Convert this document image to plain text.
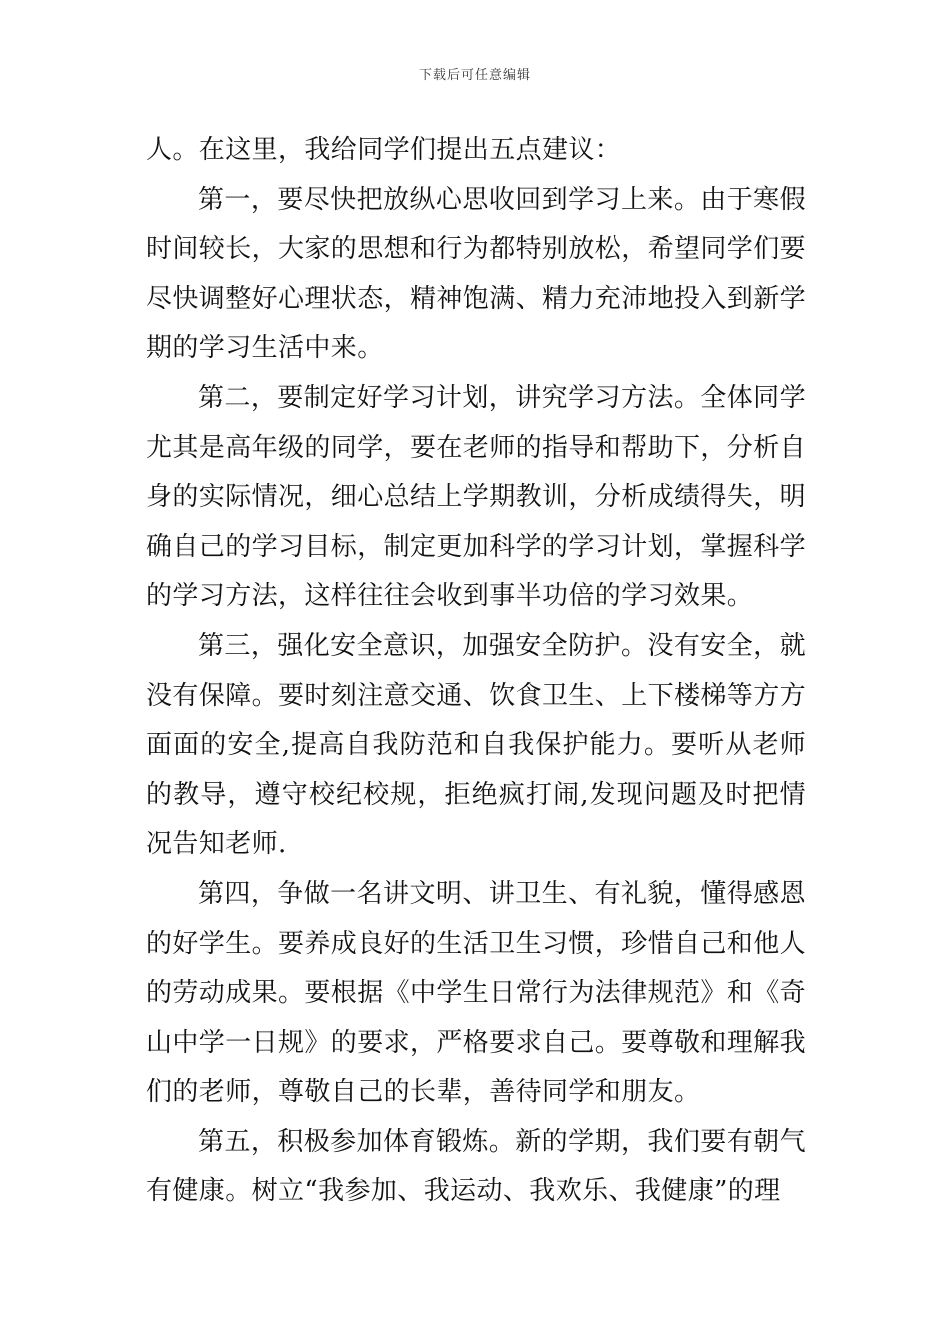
下载后可任意编辑

人。在这里，我给同学们提出五点建议：

第一，要尽快把放纵心思收回到学习上来。由于寒假时间较长，大家的思想和行为都特别放松，希望同学们要尽快调整好心理状态，精神饱满、精力充沛地投入到新学期的学习生活中来。

第二，要制定好学习计划，讲究学习方法。全体同学尤其是高年级的同学，要在老师的指导和帮助下，分析自身的实际情况，细心总结上学期教训，分析成绩得失，明确自己的学习目标，制定更加科学的学习计划，掌握科学的学习方法，这样往往会收到事半功倍的学习效果。

第三，强化安全意识，加强安全防护。没有安全，就没有保障。要时刻注意交通、饮食卫生、上下楼梯等方方面面的安全,提高自我防范和自我保护能力。要听从老师的教导，遵守校纪校规，拒绝疯打闹,发现问题及时把情况告知老师.

第四，争做一名讲文明、讲卫生、有礼貌，懂得感恩的好学生。要养成良好的生活卫生习惯，珍惜自己和他人的劳动成果。要根据《中学生日常行为法律规范》和《奇山中学一日规》的要求，严格要求自己。要尊敬和理解我们的老师，尊敬自己的长辈，善待同学和朋友。

第五，积极参加体育锻炼。新的学期，我们要有朝气有健康。树立“我参加、我运动、我欢乐、我健康”的理
